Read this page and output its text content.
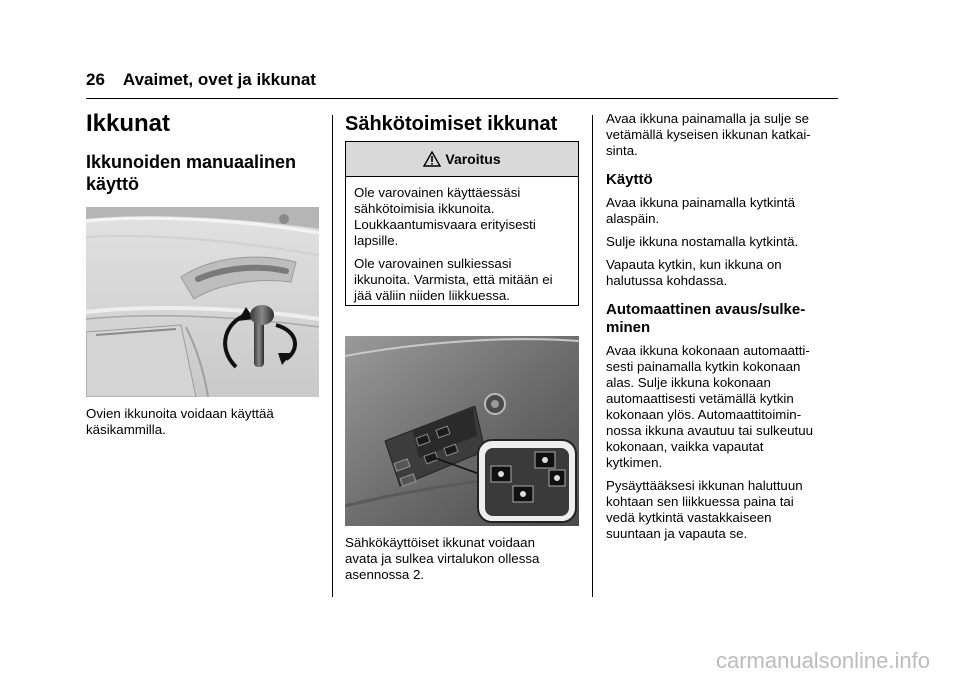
26 Avaimet, ovet ja ikkunat
Ikkunat
Ikkunoiden manuaalinen
käyttö
Ovien ikkunoita voidaan käyttää
käsikammilla.
Sähkötoimiset ikkunat
Varoitus
Ole varovainen käyttäessäsi
sähkötoimisia ikkunoita.
Loukkaantumisvaara erityisesti
lapsille.
Ole varovainen sulkiessasi
ikkunoita. Varmista, että mitään ei
jää väliin niiden liikkuessa.
Sähkökäyttöiset ikkunat voidaan
avata ja sulkea virtalukon ollessa
asennossa 2.
Avaa ikkuna painamalla ja sulje se
vetämällä kyseisen ikkunan katkai-
sinta.
Käyttö
Avaa ikkuna painamalla kytkintä
alaspäin.
Sulje ikkuna nostamalla kytkintä.
Vapauta kytkin, kun ikkuna on
halutussa kohdassa.
Automaattinen avaus/sulke-
minen
Avaa ikkuna kokonaan automaatti-
sesti painamalla kytkin kokonaan
alas. Sulje ikkuna kokonaan
automaattisesti vetämällä kytkin
kokonaan ylös. Automaattitoimin-
nossa ikkuna avautuu tai sulkeutuu
kokonaan, vaikka vapautat
kytkimen.
Pysäyttääksesi ikkunan haluttuun
kohtaan sen liikkuessa paina tai
vedä kytkintä vastakkaiseen
suuntaan ja vapauta se.
carmanualsonline.info
